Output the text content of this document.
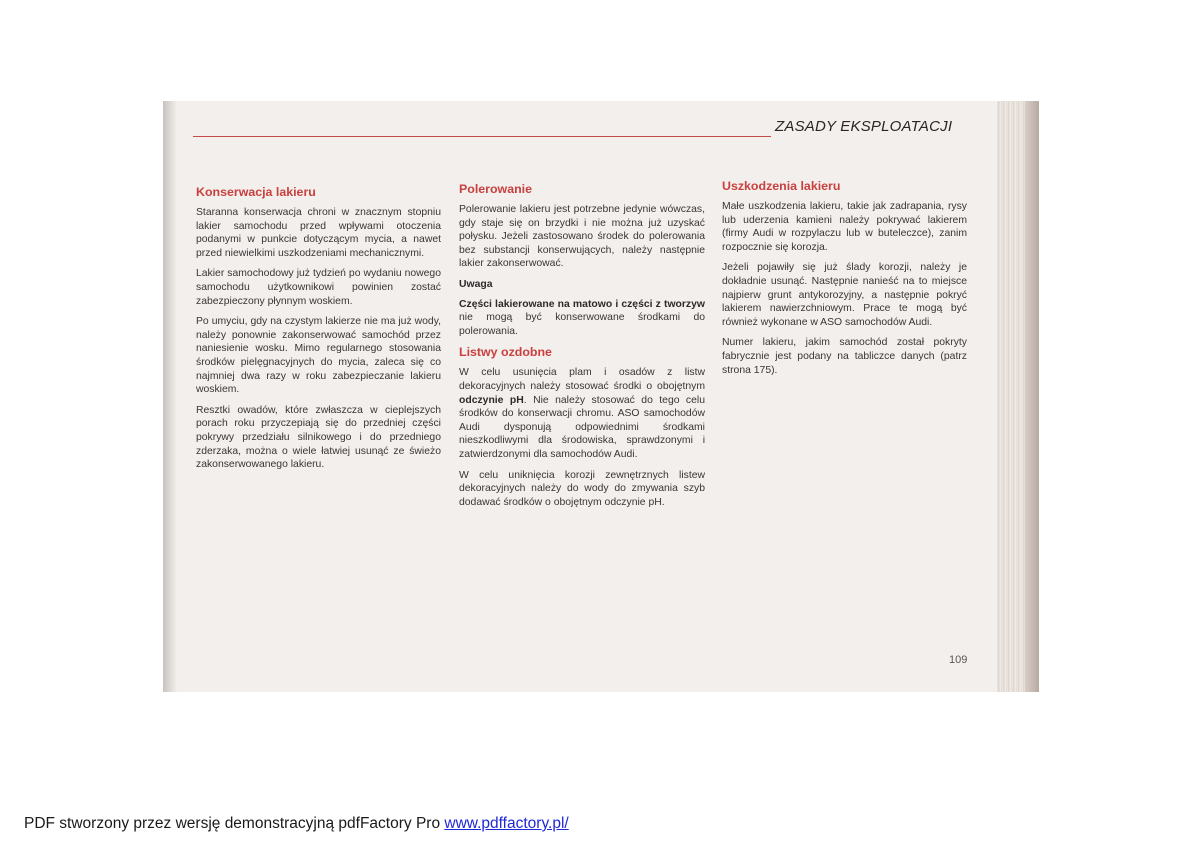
ZASADY EKSPLOATACJI
Konserwacja lakieru

Staranna konserwacja chroni w znacznym stopniu lakier samochodu przed wpływami otoczenia podanymi w punkcie dotyczącym mycia, a nawet przed niewielkimi uszkodzeniami mechanicznymi.

Lakier samochodowy już tydzień po wydaniu nowego samochodu użytkownikowi powinien zostać zabezpieczony płynnym woskiem.

Po umyciu, gdy na czystym lakierze nie ma już wody, należy ponownie zakonserwować samochód przez naniesienie wosku. Mimo regularnego stosowania środków pielęgnacyjnych do mycia, zaleca się co najmniej dwa razy w roku zabezpieczanie lakieru woskiem.

Resztki owadów, które zwłaszcza w cieplejszych porach roku przyczepiają się do przedniej części pokrywy przedziału silnikowego i do przedniego zderzaka, można o wiele łatwiej usunąć ze świeżo zakonserwowanego lakieru.

Polerowanie

Polerowanie lakieru jest potrzebne jedynie wówczas, gdy staje się on brzydki i nie można już uzyskać połysku. Jeżeli zastosowano środek do polerowania bez substancji konserwujących, należy następnie lakier zakonserwować.

Uwaga

Części lakierowane na matowo i części z tworzyw nie mogą być konserwowane środkami do polerowania.

Listwy ozdobne

W celu usunięcia plam i osadów z listw dekoracyjnych należy stosować środki o obojętnym odczynie pH. Nie należy stosować do tego celu środków do konserwacji chromu. ASO samochodów Audi dysponują odpowiednimi środkami nieszkodliwymi dla środowiska, sprawdzonymi i zatwierdzonymi dla samochodów Audi.

W celu uniknięcia korozji zewnętrznych listew dekoracyjnych należy do wody do zmywania szyb dodawać środków o obojętnym odczynie pH.

Uszkodzenia lakieru

Małe uszkodzenia lakieru, takie jak zadrapania, rysy lub uderzenia kamieni należy pokrywać lakierem (firmy Audi w rozpylaczu lub w buteleczce), zanim rozpocznie się korozja.

Jeżeli pojawiły się już ślady korozji, należy je dokładnie usunąć. Następnie nanieść na to miejsce najpierw grunt antykorozyjny, a następnie pokryć lakierem nawierzchniowym. Prace te mogą być również wykonane w ASO samochodów Audi.

Numer lakieru, jakim samochód został pokryty fabrycznie jest podany na tabliczce danych (patrz strona 175).

109
PDF stworzony przez wersję demonstracyjną pdfFactory Pro www.pdffactory.pl/
